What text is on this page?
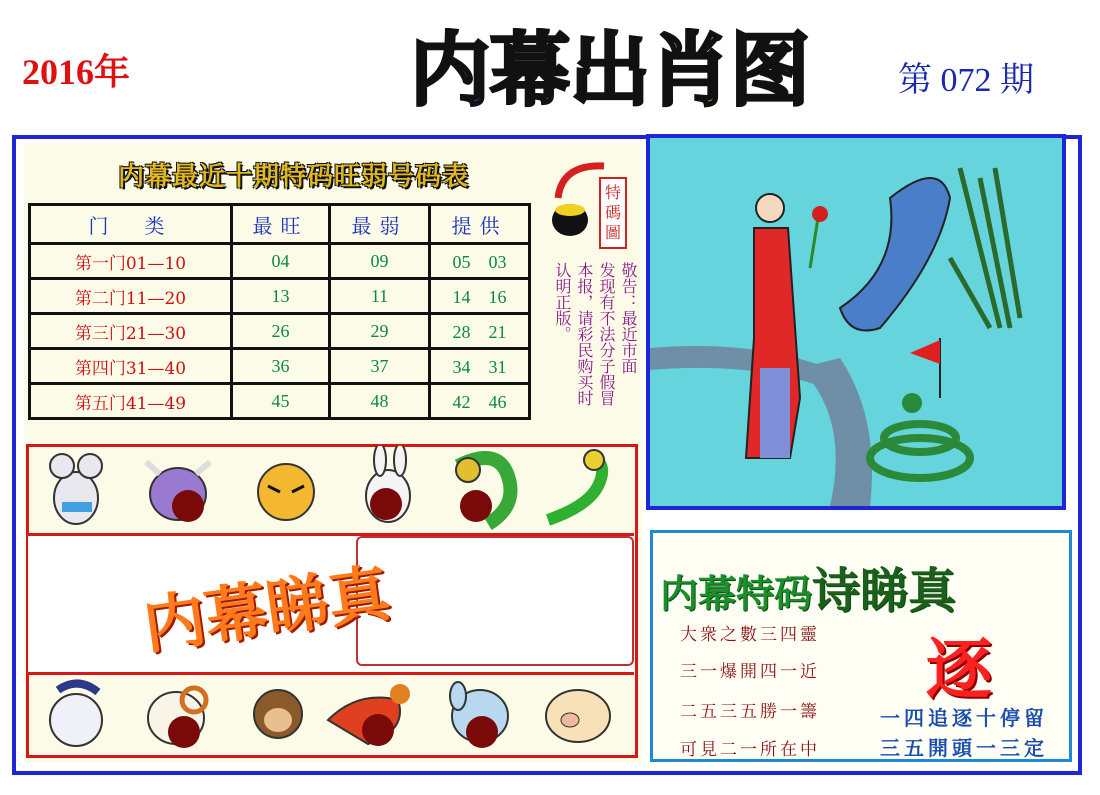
2016年	内幕出肖图	第 072 期
内幕最近十期特码旺弱号码表
门　类	最旺	最弱	提供
第一门01—10	04	09	05　03
第二门11—20	13	11	14　16
第三门21—30	26	29	28　21
第四门31—40	36	37	34　31
第五门41—49	45	48	42　46
特
碼
圖
敬告：最近市面
发现有不法分子假冒
本报，请彩民购买时
认明正版。
内幕睇真	内幕特码诗睇真
逐
大衆之數三四靈
三一爆開四一近
二五三五勝一籌
可見二一所在中
一四追逐十停留
三五開頭一三定
